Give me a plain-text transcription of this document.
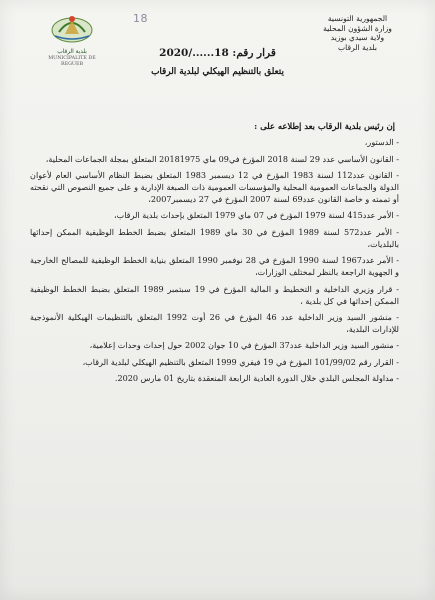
الجمهورية التونسية
وزارة الشؤون المحلية
ولاية سيدي بوزيد
بلدية الرقاب
بلدية الرقاب
MUNICIPALITE DE REGUEB
18
قرار رقم: 18....../2020
يتعلق بالتنظيم الهيكلي لبلدية الرقاب
إن رئيس بلدية الرقاب بعد إطلاعه على :

- الدستور،

- القانون الأساسي عدد 29 لسنة 2018 المؤرخ في09 ماي 20181975 المتعلق بمجلة الجماعات المحلية،

- القانون عدد112 لسنة 1983 المؤرخ في 12 ديسمبر 1983 المتعلق بضبط النظام الأساسي العام لأعوان الدولة والجماعات العمومية المحلية والمؤسسات العمومية ذات الصبغة الإدارية و على جميع النصوص التي نقحته أو تممته و خاصة القانون عدد69 لسنة 2007 المؤرخ في 27 ديسمبر2007،

- الأمر عدد415 لسنة 1979 المؤرخ في 07 ماي 1979 المتعلق بإحداث بلدية الرقاب،

- الأمر عدد572 لسنة 1989 المؤرخ في 30 ماي 1989 المتعلق بضبط الخطط الوظيفية الممكن إحداثها بالبلديات،

- الأمر عدد1967 لسنة 1990 المؤرخ في 28 نوفمبر 1990 المتعلق بنيابة الخطط الوظيفية للمصالح الخارجية و الجهوية الراجعة بالنظر لمختلف الوزارات،

- قرار وزيري الداخلية و التخطيط و المالية المؤرخ في 19 سبتمبر 1989 المتعلق بضبط الخطط الوظيفية الممكن إحداثها في كل بلدية ،

- منشور السيد وزير الداخلية عدد 46 المؤرخ في 26 أوت 1992 المتعلق بالتنظيمات الهيكلية الأنموذجية للإدارات البلدية،

- منشور السيد وزير الداخلية عدد37 المؤرخ في 10 جوان 2002 حول إحداث وحدات إعلامية،

- القرار رقم 101/99/02 المؤرخ في 19 فيفري 1999 المتعلق بالتنظيم الهيكلي لبلدية الرقاب،

- مداولة المجلس البلدي خلال الدورة العادية الرابعة المنعقدة بتاريخ 01 مارس 2020.
